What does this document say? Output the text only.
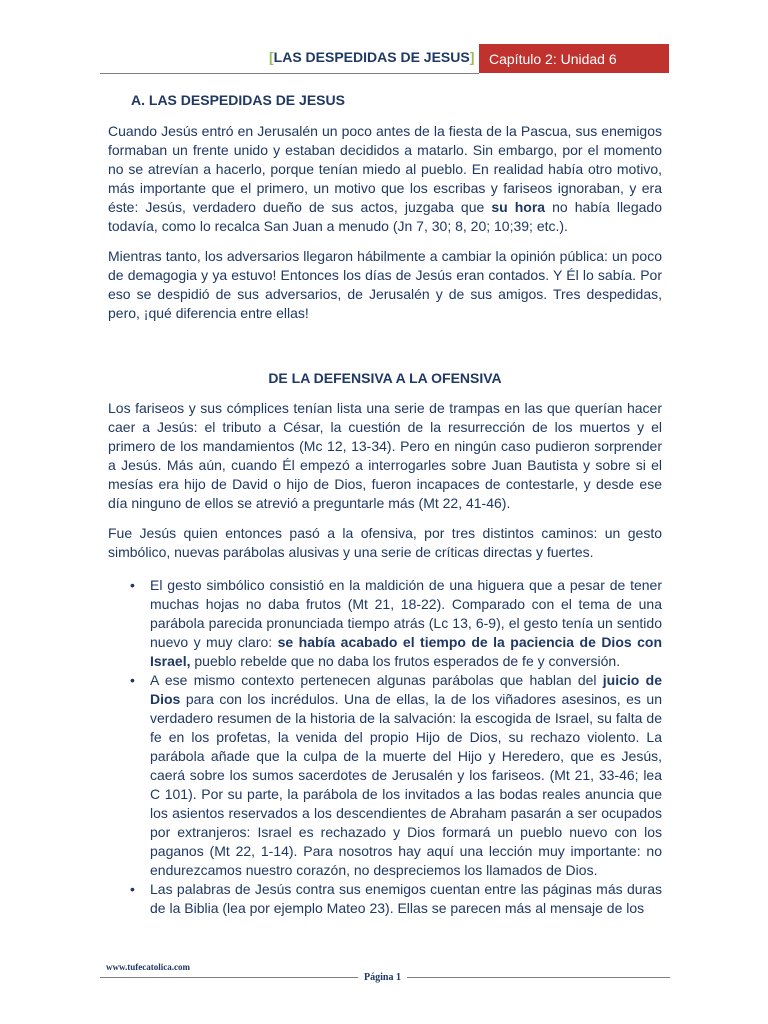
[LAS DESPEDIDAS DE JESUS]	Capítulo 2: Unidad 6
A. LAS DESPEDIDAS DE JESUS
Cuando Jesús entró en Jerusalén un poco antes de la fiesta de la Pascua, sus enemigos formaban un frente unido y estaban decididos a matarlo. Sin embargo, por el momento no se atrevían a hacerlo, porque tenían miedo al pueblo. En realidad había otro motivo, más importante que el primero, un motivo que los escribas y fariseos ignoraban, y era éste: Jesús, verdadero dueño de sus actos, juzgaba que su hora no había llegado todavía, como lo recalca San Juan a menudo (Jn 7, 30; 8, 20; 10;39; etc.).
Mientras tanto, los adversarios llegaron hábilmente a cambiar la opinión pública: un poco de demagogia y ya estuvo! Entonces los días de Jesús eran contados. Y Él lo sabía. Por eso se despidió de sus adversarios, de Jerusalén y de sus amigos. Tres despedidas, pero, ¡qué diferencia entre ellas!
DE LA DEFENSIVA A LA OFENSIVA
Los fariseos y sus cómplices tenían lista una serie de trampas en las que querían hacer caer a Jesús: el tributo a César, la cuestión de la resurrección de los muertos y el primero de los mandamientos (Mc 12, 13-34). Pero en ningún caso pudieron sorprender a Jesús. Más aún, cuando Él empezó a interrogarles sobre Juan Bautista y sobre si el mesías era hijo de David o hijo de Dios, fueron incapaces de contestarle, y desde ese día ninguno de ellos se atrevió a preguntarle más (Mt 22, 41-46).
Fue Jesús quien entonces pasó a la ofensiva, por tres distintos caminos: un gesto simbólico, nuevas parábolas alusivas y una serie de críticas directas y fuertes.
• El gesto simbólico consistió en la maldición de una higuera que a pesar de tener muchas hojas no daba frutos (Mt 21, 18-22). Comparado con el tema de una parábola parecida pronunciada tiempo atrás (Lc 13, 6-9), el gesto tenía un sentido nuevo y muy claro: se había acabado el tiempo de la paciencia de Dios con Israel, pueblo rebelde que no daba los frutos esperados de fe y conversión.
• A ese mismo contexto pertenecen algunas parábolas que hablan del juicio de Dios para con los incrédulos. Una de ellas, la de los viñadores asesinos, es un verdadero resumen de la historia de la salvación: la escogida de Israel, su falta de fe en los profetas, la venida del propio Hijo de Dios, su rechazo violento. La parábola añade que la culpa de la muerte del Hijo y Heredero, que es Jesús, caerá sobre los sumos sacerdotes de Jerusalén y los fariseos. (Mt 21, 33-46; lea C 101). Por su parte, la parábola de los invitados a las bodas reales anuncia que los asientos reservados a los descendientes de Abraham pasarán a ser ocupados por extranjeros: Israel es rechazado y Dios formará un pueblo nuevo con los paganos (Mt 22, 1-14). Para nosotros hay aquí una lección muy importante: no endurezcamos nuestro corazón, no despreciemos los llamados de Dios.
• Las palabras de Jesús contra sus enemigos cuentan entre las páginas más duras de la Biblia (lea por ejemplo Mateo 23). Ellas se parecen más al mensaje de los
www.tufecatolica.com
Página 1
